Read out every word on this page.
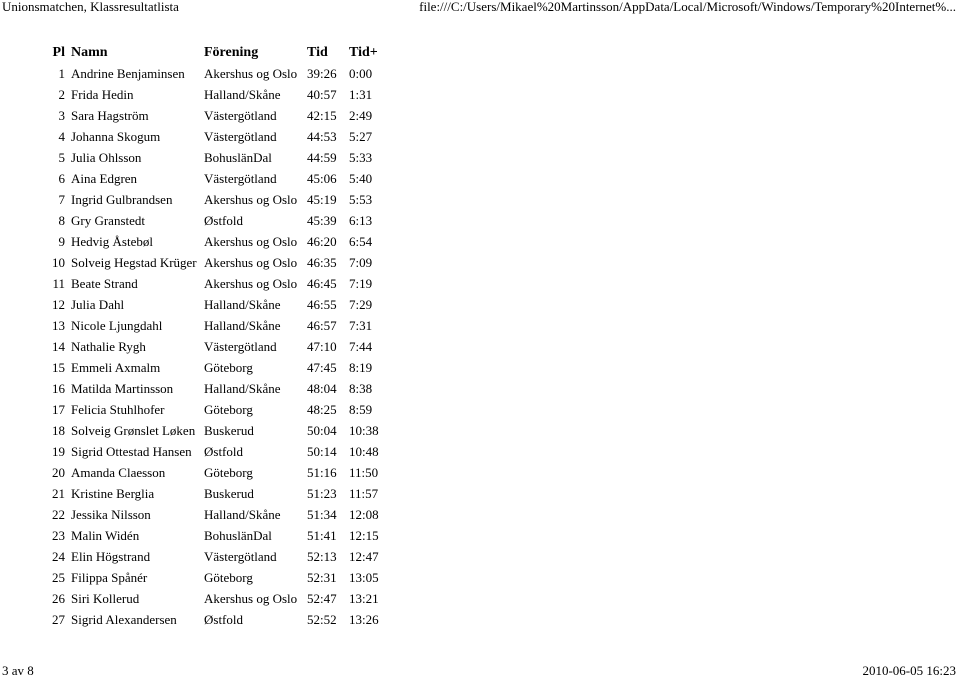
Unionsmatchen, Klassresultatlista	file:///C:/Users/Mikael%20Martinsson/AppData/Local/Microsoft/Windows/Temporary%20Internet%...
Pl	Namn	Förening	Tid	Tid+
1	Andrine Benjaminsen	Akershus og Oslo	39:26	0:00
2	Frida Hedin	Halland/Skåne	40:57	1:31
3	Sara Hagström	Västergötland	42:15	2:49
4	Johanna Skogum	Västergötland	44:53	5:27
5	Julia Ohlsson	BohuslänDal	44:59	5:33
6	Aina Edgren	Västergötland	45:06	5:40
7	Ingrid Gulbrandsen	Akershus og Oslo	45:19	5:53
8	Gry Granstedt	Østfold	45:39	6:13
9	Hedvig Åstebøl	Akershus og Oslo	46:20	6:54
10	Solveig Hegstad Krüger	Akershus og Oslo	46:35	7:09
11	Beate Strand	Akershus og Oslo	46:45	7:19
12	Julia Dahl	Halland/Skåne	46:55	7:29
13	Nicole Ljungdahl	Halland/Skåne	46:57	7:31
14	Nathalie Rygh	Västergötland	47:10	7:44
15	Emmeli Axmalm	Göteborg	47:45	8:19
16	Matilda Martinsson	Halland/Skåne	48:04	8:38
17	Felicia Stuhlhofer	Göteborg	48:25	8:59
18	Solveig Grønslet Løken	Buskerud	50:04	10:38
19	Sigrid Ottestad Hansen	Østfold	50:14	10:48
20	Amanda Claesson	Göteborg	51:16	11:50
21	Kristine Berglia	Buskerud	51:23	11:57
22	Jessika Nilsson	Halland/Skåne	51:34	12:08
23	Malin Widén	BohuslänDal	51:41	12:15
24	Elin Högstrand	Västergötland	52:13	12:47
25	Filippa Spånér	Göteborg	52:31	13:05
26	Siri Kollerud	Akershus og Oslo	52:47	13:21
27	Sigrid Alexandersen	Østfold	52:52	13:26
3 av 8	2010-06-05 16:23
